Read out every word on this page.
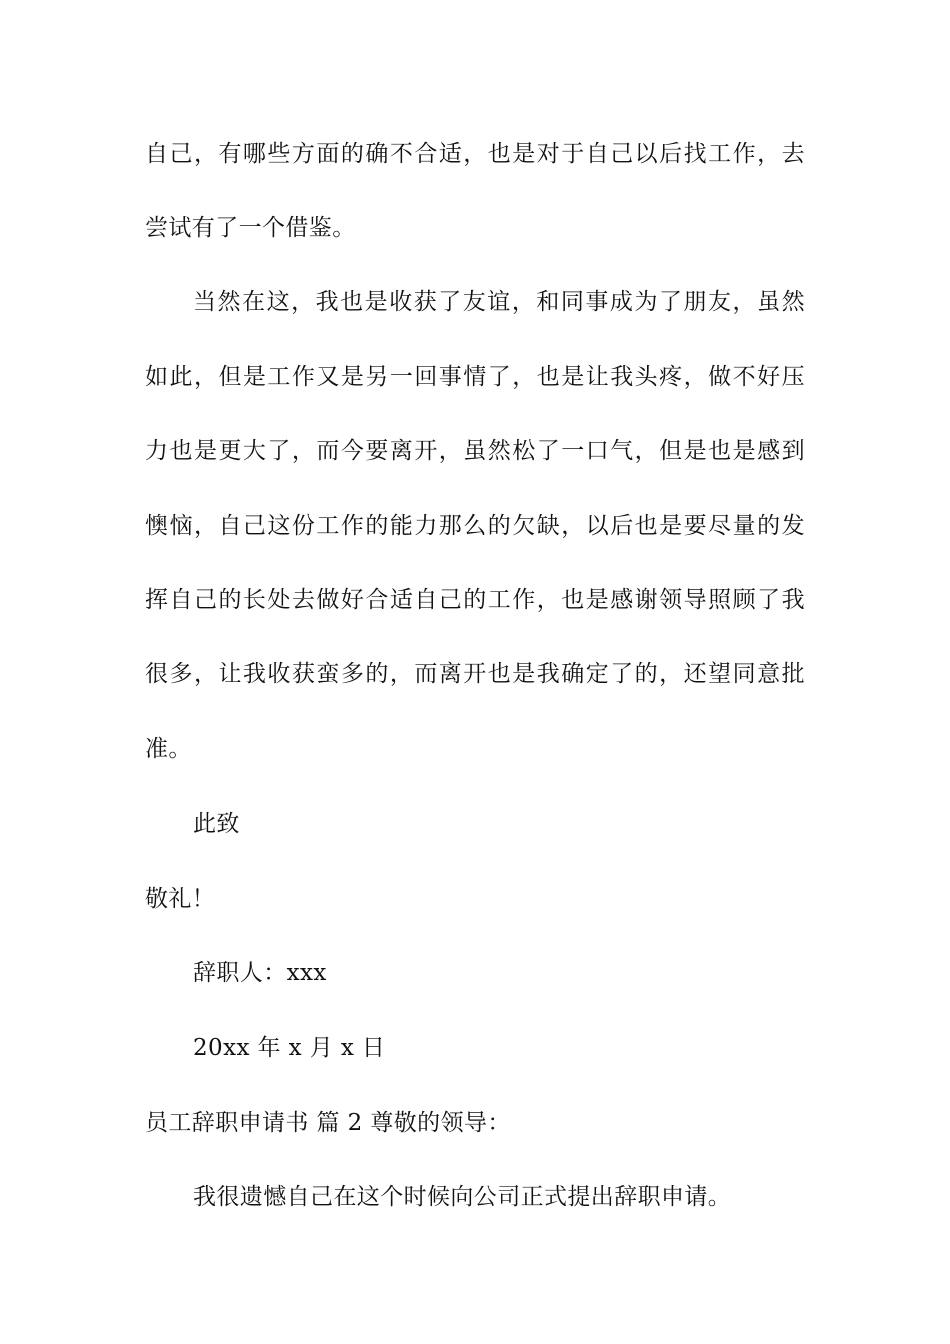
自己，有哪些方面的确不合适，也是对于自己以后找工作，去
尝试有了一个借鉴。
当然在这，我也是收获了友谊，和同事成为了朋友，虽然
如此，但是工作又是另一回事情了，也是让我头疼，做不好压
力也是更大了，而今要离开，虽然松了一口气，但是也是感到
懊恼，自己这份工作的能力那么的欠缺，以后也是要尽量的发
挥自己的长处去做好合适自己的工作，也是感谢领导照顾了我
很多，让我收获蛮多的，而离开也是我确定了的，还望同意批
准。
此致
敬礼！
辞职人：xxx
20xx 年 x 月 x 日
员工辞职申请书 篇 2 尊敬的领导：
我很遗憾自己在这个时候向公司正式提出辞职申请。
